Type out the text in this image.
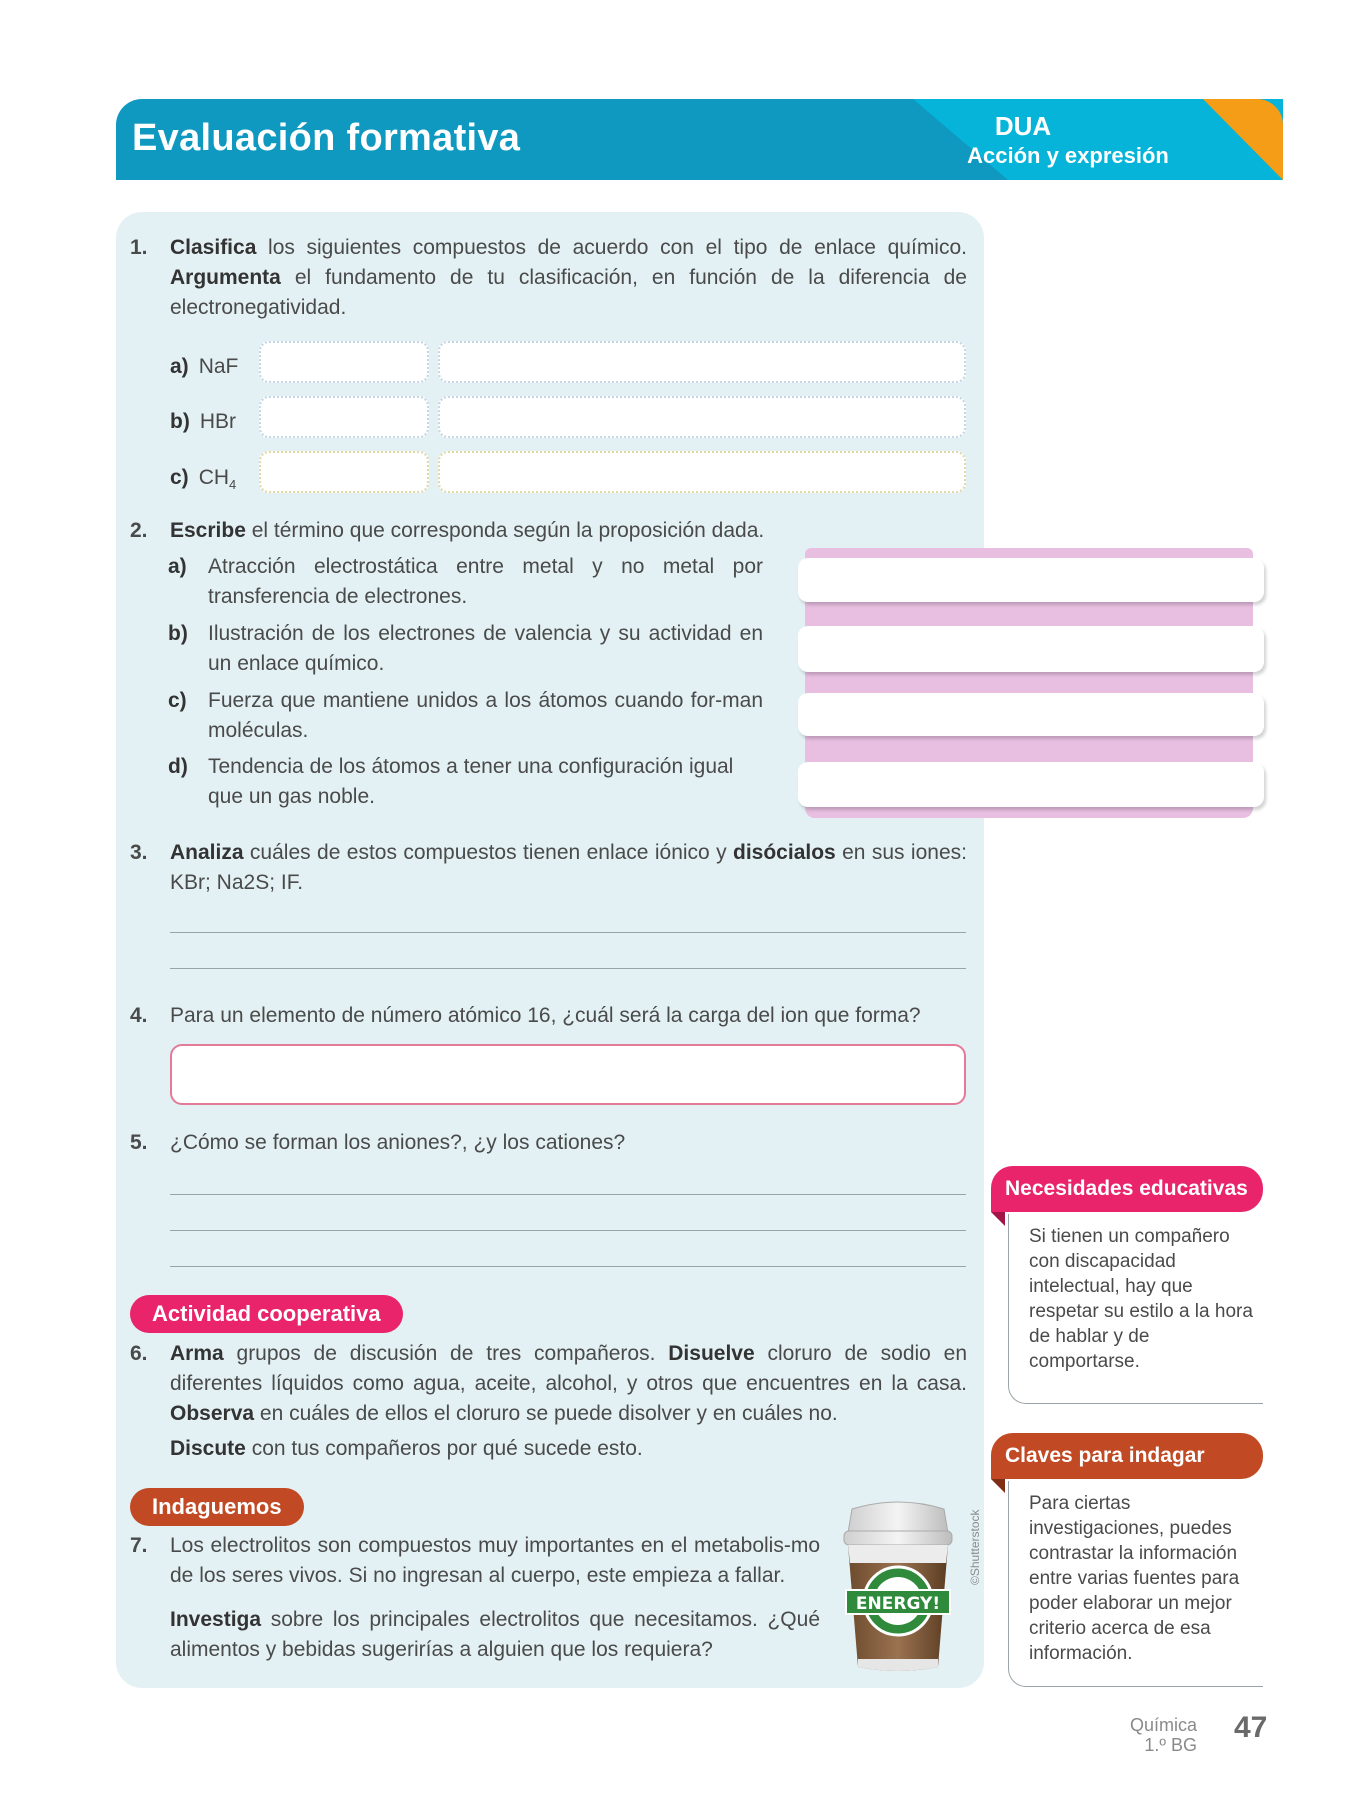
Evaluación formativa	DUA
Acción y expresión
1. Clasifica los siguientes compuestos de acuerdo con el tipo de enlace químico. Argumenta el fundamento de tu clasificación, en función de la diferencia de electronegatividad.
a) NaF
b) HBr
c) $CH_4$
2. Escribe el término que corresponda según la proposición dada.
a) Atracción electrostática entre metal y no metal por transferencia de electrones.
b) Ilustración de los electrones de valencia y su actividad en un enlace químico.
c) Fuerza que mantiene unidos a los átomos cuando for-man moléculas.
d) Tendencia de los átomos a tener una configuración igual que un gas noble.
3. Analiza cuáles de estos compuestos tienen enlace iónico y disócialos en sus iones: KBr; Na2S; IF.
4. Para un elemento de número atómico 16, ¿cuál será la carga del ion que forma?
5. ¿Cómo se forman los aniones?, ¿y los cationes?
Actividad cooperativa
6. Arma grupos de discusión de tres compañeros. Disuelve cloruro de sodio en diferentes líquidos como agua, aceite, alcohol, y otros que encuentres en la casa. Observa en cuáles de ellos el cloruro se puede disolver y en cuáles no.
Discute con tus compañeros por qué sucede esto.
Indaguemos
7. Los electrolitos son compuestos muy importantes en el metabolis-mo de los seres vivos. Si no ingresan al cuerpo, este empieza a fallar.
Investiga sobre los principales electrolitos que necesitamos. ¿Qué alimentos y bebidas sugerirías a alguien que los requiera?
ENERGY!
©Shutterstock
Necesidades educativas
Si tienen un compañero con discapacidad intelectual, hay que respetar su estilo a la hora de hablar y de comportarse.
Claves para indagar
Para ciertas investigaciones, puedes contrastar la información entre varias fuentes para poder elaborar un mejor criterio acerca de esa información.
Química
1.º BG
47
